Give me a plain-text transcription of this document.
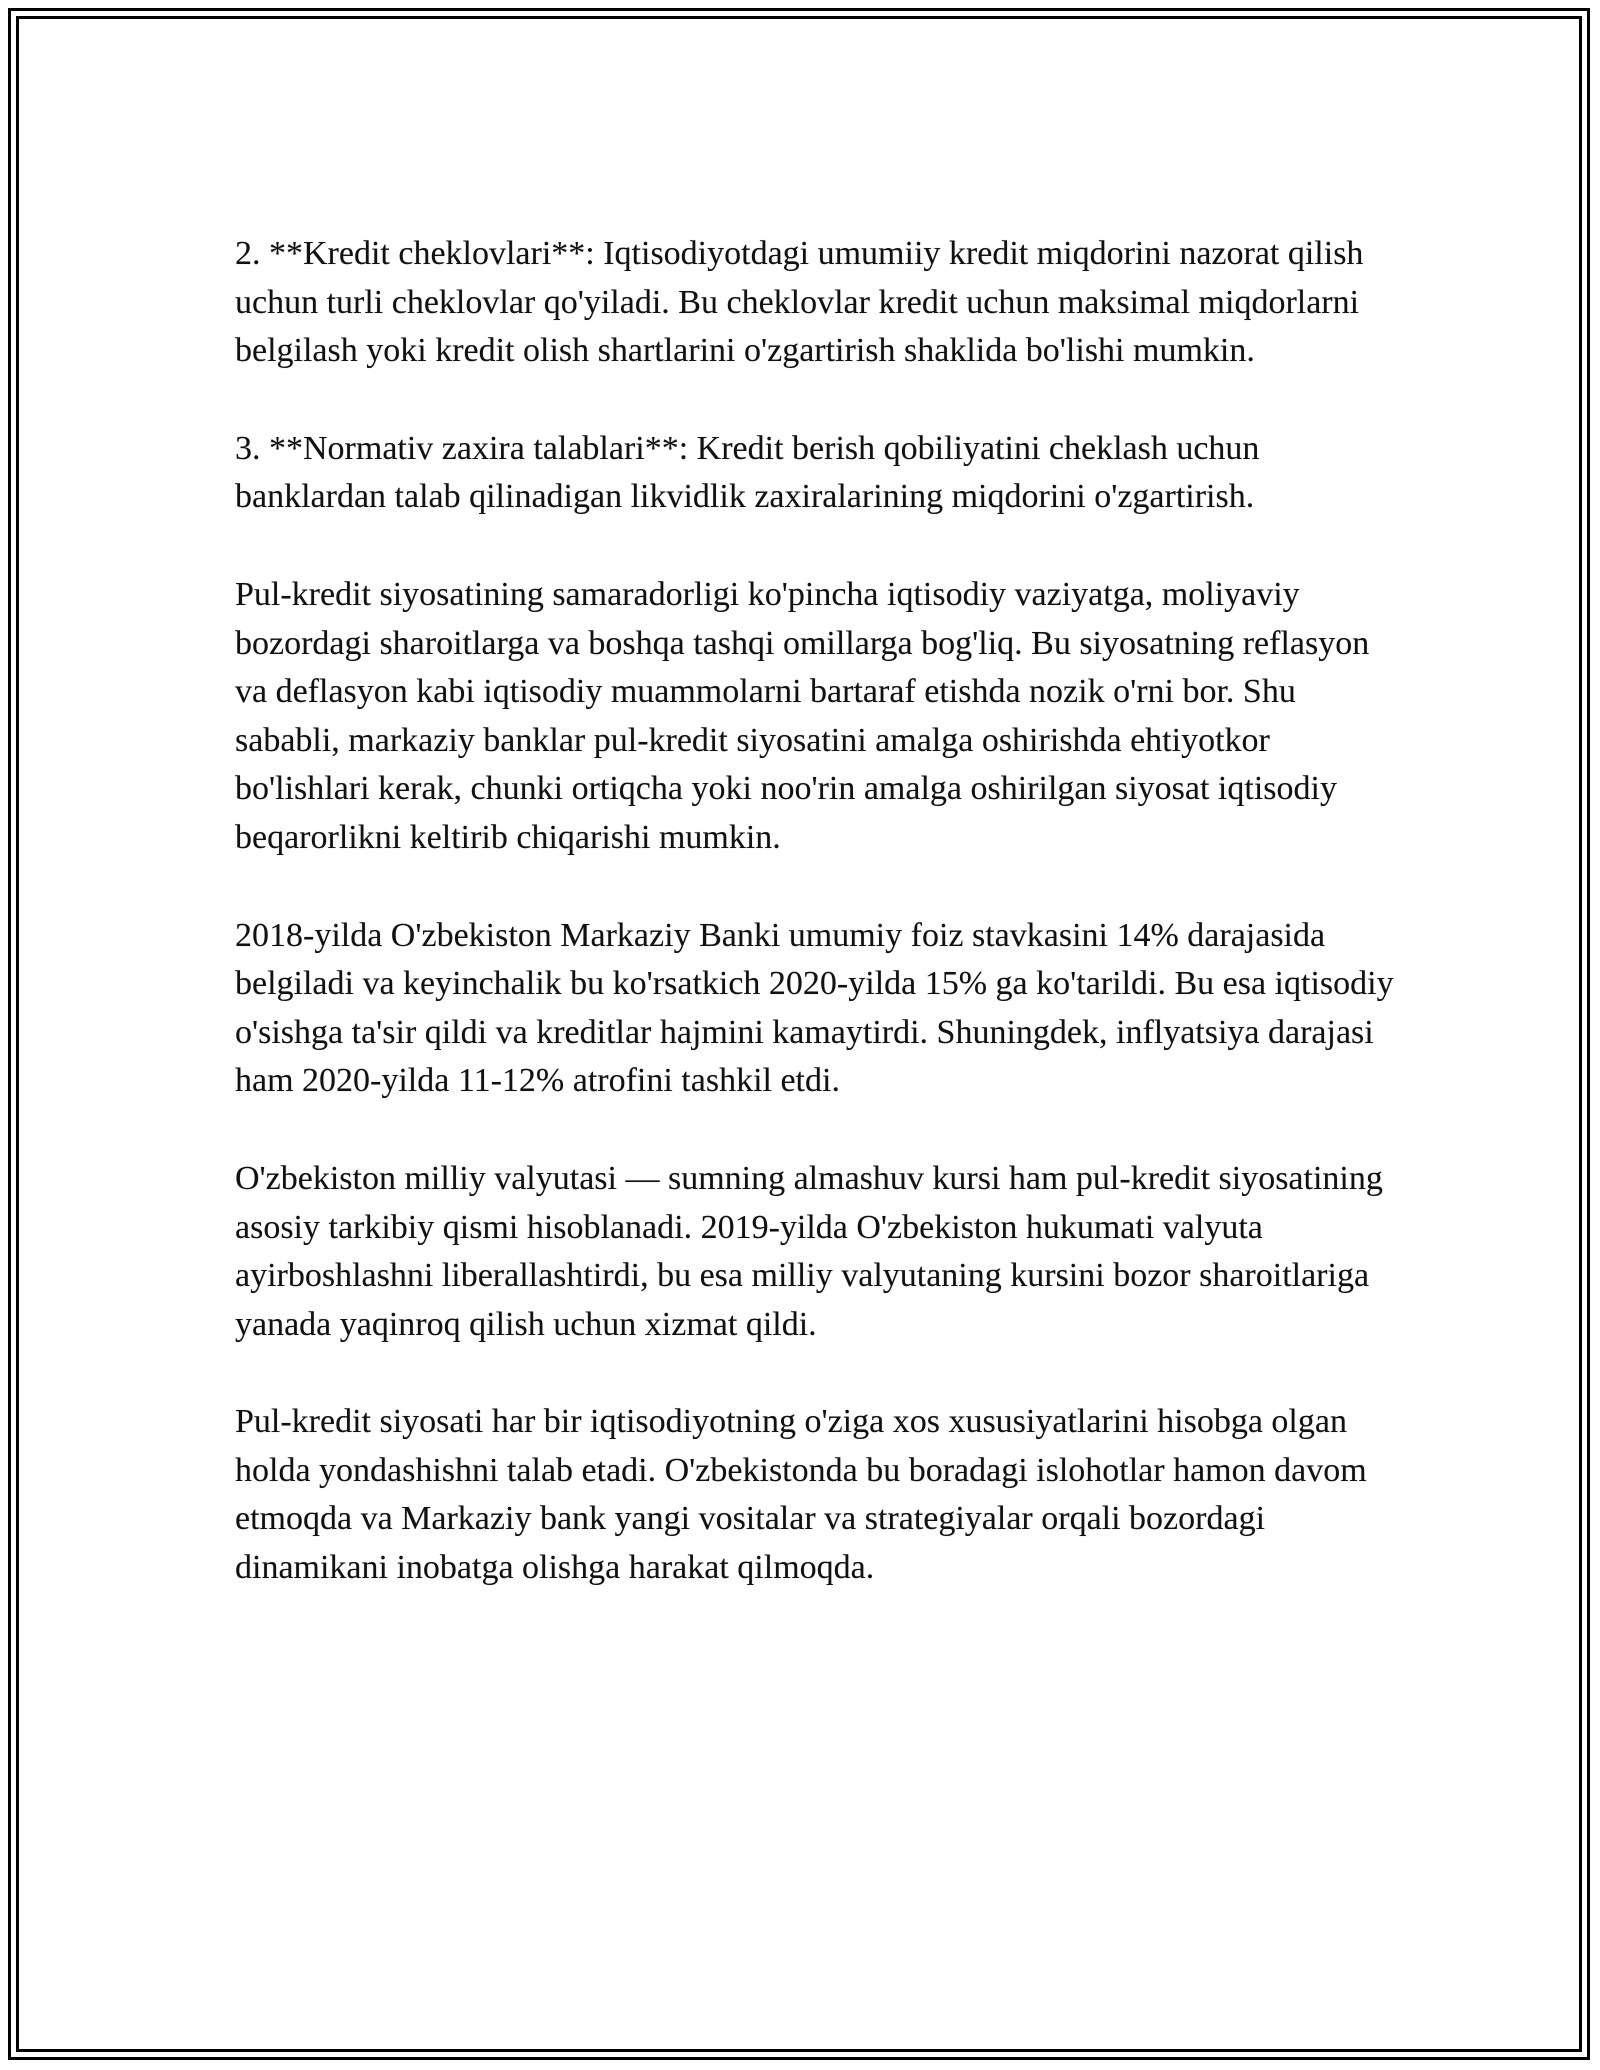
2. **Kredit cheklovlari**: Iqtisodiyotdagi umumiiy kredit miqdorini nazorat qilish uchun turli cheklovlar qo'yiladi. Bu cheklovlar kredit uchun maksimal miqdorlarni belgilash yoki kredit olish shartlarini o'zgartirish shaklida bo'lishi mumkin.

3. **Normativ zaxira talablari**: Kredit berish qobiliyatini cheklash uchun banklardan talab qilinadigan likvidlik zaxiralarining miqdorini o'zgartirish.

Pul-kredit siyosatining samaradorligi ko'pincha iqtisodiy vaziyatga, moliyaviy bozordagi sharoitlarga va boshqa tashqi omillarga bog'liq. Bu siyosatning reflasyon va deflasyon kabi iqtisodiy muammolarni bartaraf etishda nozik o'rni bor. Shu sababli, markaziy banklar pul-kredit siyosatini amalga oshirishda ehtiyotkor bo'lishlari kerak, chunki ortiqcha yoki noo'rin amalga oshirilgan siyosat iqtisodiy beqarorlikni keltirib chiqarishi mumkin.

2018-yilda O'zbekiston Markaziy Banki umumiy foiz stavkasini 14% darajasida belgiladi va keyinchalik bu ko'rsatkich 2020-yilda 15% ga ko'tarildi. Bu esa iqtisodiy o'sishga ta'sir qildi va kreditlar hajmini kamaytirdi. Shuningdek, inflyatsiya darajasi ham 2020-yilda 11-12% atrofini tashkil etdi.

O'zbekiston milliy valyutasi — sumning almashuv kursi ham pul-kredit siyosatining asosiy tarkibiy qismi hisoblanadi. 2019-yilda O'zbekiston hukumati valyuta ayirboshlashni liberallashtirdi, bu esa milliy valyutaning kursini bozor sharoitlariga yanada yaqinroq qilish uchun xizmat qildi.

Pul-kredit siyosati har bir iqtisodiyotning o'ziga xos xususiyatlarini hisobga olgan holda yondashishni talab etadi. O'zbekistonda bu boradagi islohotlar hamon davom etmoqda va Markaziy bank yangi vositalar va strategiyalar orqali bozordagi dinamikani inobatga olishga harakat qilmoqda.
